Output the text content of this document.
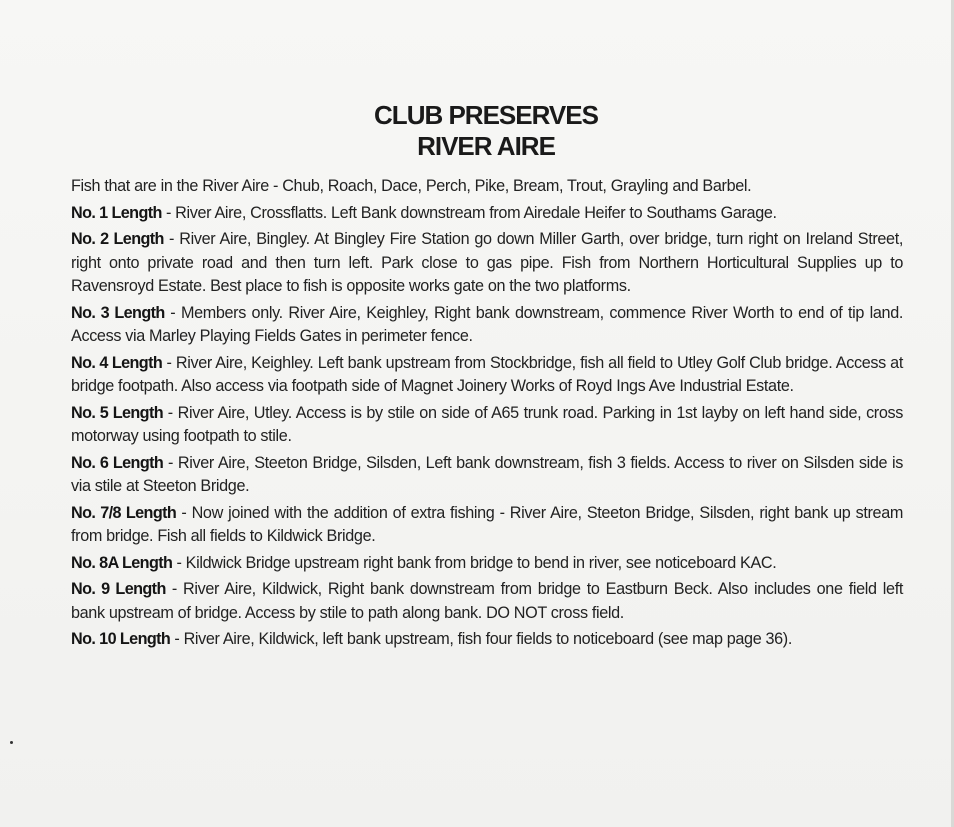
CLUB PRESERVES
RIVER AIRE

Fish that are in the River Aire - Chub, Roach, Dace, Perch, Pike, Bream, Trout, Grayling and Barbel.

No. 1 Length - River Aire, Crossflatts. Left Bank downstream from Airedale Heifer to Southams Garage.

No. 2 Length - River Aire, Bingley. At Bingley Fire Station go down Miller Garth, over bridge, turn right on Ireland Street, right onto private road and then turn left. Park close to gas pipe. Fish from Northern Horticultural Supplies up to Ravensroyd Estate. Best place to fish is opposite works gate on the two platforms.

No. 3 Length - Members only. River Aire, Keighley, Right bank downstream, commence River Worth to end of tip land. Access via Marley Playing Fields Gates in perimeter fence.

No. 4 Length - River Aire, Keighley. Left bank upstream from Stockbridge, fish all field to Utley Golf Club bridge. Access at bridge footpath. Also access via footpath side of Magnet Joinery Works of Royd Ings Ave Industrial Estate.

No. 5 Length - River Aire, Utley. Access is by stile on side of A65 trunk road. Parking in 1st layby on left hand side, cross motorway using footpath to stile.

No. 6 Length - River Aire, Steeton Bridge, Silsden, Left bank downstream, fish 3 fields. Access to river on Silsden side is via stile at Steeton Bridge.

No. 7/8 Length - Now joined with the addition of extra fishing - River Aire, Steeton Bridge, Silsden, right bank up stream from bridge. Fish all fields to Kildwick Bridge.

No. 8A Length - Kildwick Bridge upstream right bank from bridge to bend in river, see noticeboard KAC.

No. 9 Length - River Aire, Kildwick, Right bank downstream from bridge to Eastburn Beck. Also includes one field left bank upstream of bridge. Access by stile to path along bank. DO NOT cross field.

No. 10 Length - River Aire, Kildwick, left bank upstream, fish four fields to noticeboard (see map page 36).
